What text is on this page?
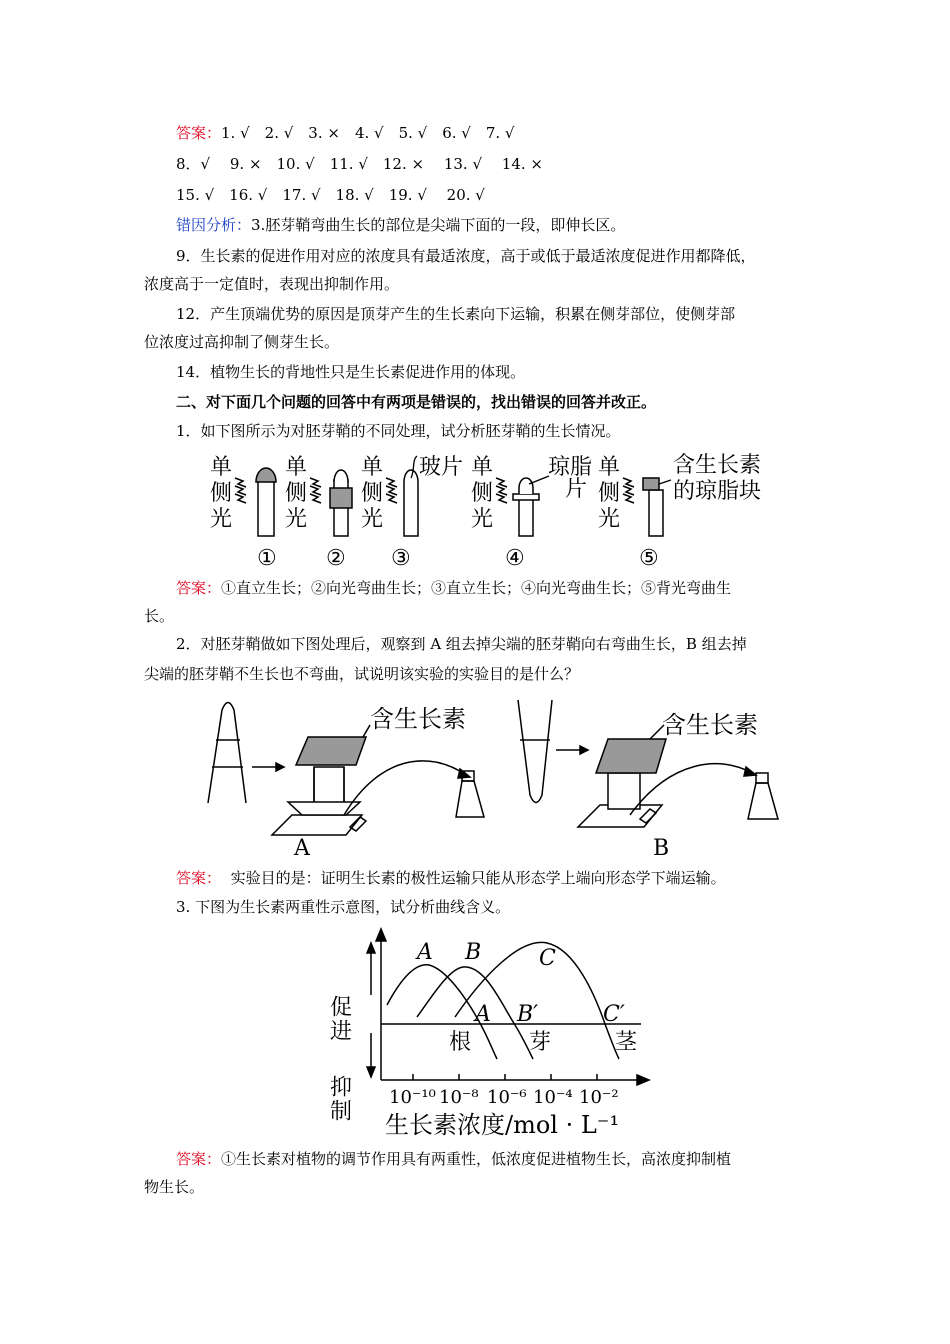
答案：1. √　2. √　3. ×　4. √　5. √　6. √　7. √
8．√　 9. ×　10. √　11. √　12. ×　 13. √　 14. ×
15. √　16. √　17. √　18. √　19. √　 20. √
错因分析：3.胚芽鞘弯曲生长的部位是尖端下面的一段，即伸长区。
9．生长素的促进作用对应的浓度具有最适浓度，高于或低于最适浓度促进作用都降低，
浓度高于一定值时，表现出抑制作用。
12．产生顶端优势的原因是顶芽产生的生长素向下运输，积累在侧芽部位，使侧芽部
位浓度过高抑制了侧芽生长。
14．植物生长的背地性只是生长素促进作用的体现。
二、对下面几个问题的回答中有两项是错误的，找出错误的回答并改正。
1．如下图所示为对胚芽鞘的不同处理，试分析胚芽鞘的生长情况。
单
侧
光
单
侧
光
单
侧
光
玻片 单
侧
光
琼脂
片
单
侧
光
含生长素
的琼脂块
① ② ③	④	⑤
答案：①直立生长；②向光弯曲生长；③直立生长；④向光弯曲生长；⑤背光弯曲生
长。
2．对胚芽鞘做如下图处理后，观察到 A 组去掉尖端的胚芽鞘向右弯曲生长，B 组去掉
尖端的胚芽鞘不生长也不弯曲，试说明该实验的实验目的是什么？
含生长素
A
含生长素
B
答案： 实验目的是：证明生长素的极性运输只能从形态学上端向形态学下端运输。
3. 下图为生长素两重性示意图，试分析曲线含义。
促进
抑制
A B	C
A B′	C′
根	芽	茎
10⁻¹⁰ 10⁻⁸ 10⁻⁶ 10⁻⁴ 10⁻²
生长素浓度/mol · L⁻¹
答案：①生长素对植物的调节作用具有两重性，低浓度促进植物生长，高浓度抑制植
物生长。
